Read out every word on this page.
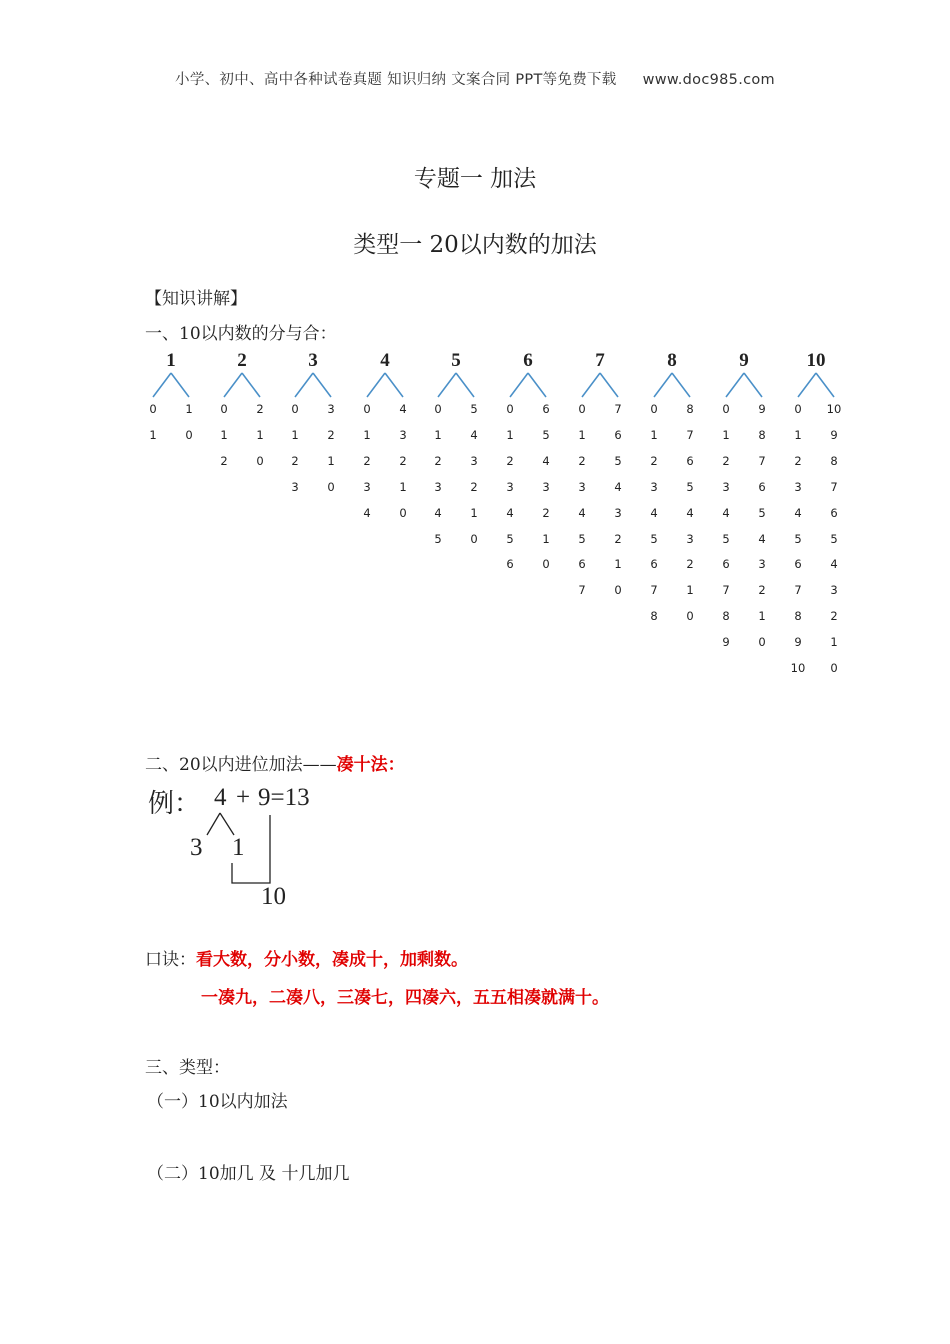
小学、初中、高中各种试卷真题 知识归纳 文案合同 PPT等免费下载 www.doc985.com
专题一 加法
类型一 20以内数的加法
【知识讲解】
一、10以内数的分与合：
1
0	1
1	0
2
0	2
1	1
2	0
3
0	3
1	2
2	1
3	0
4
0	4
1	3
2	2
3	1
4	0
5
0	5
1	4
2	3
3	2
4	1
5	0
6
0	6
1	5
2	4
3	3
4	2
5	1
6	0
7
0	7
1	6
2	5
3	4
4	3
5	2
6	1
7	0
8
0	8
1	7
2	6
3	5
4	4
5	3
6	2
7	1
8	0
9
0	9
1	8
2	7
3	6
4	5
5	4
6	3
7	2
8	1
9	0
10
0	10
1	9
2	8
3	7
4	6
5	5
6	4
7	3
8	2
9	1
10	0
二、20以内进位加法——凑十法：
例： 4 + 9=13
3 1
10
口诀：看大数，分小数，凑成十，加剩数。
一凑九，二凑八，三凑七，四凑六，五五相凑就满十。
三、类型：
（一）10以内加法
（二）10加几 及 十几加几
